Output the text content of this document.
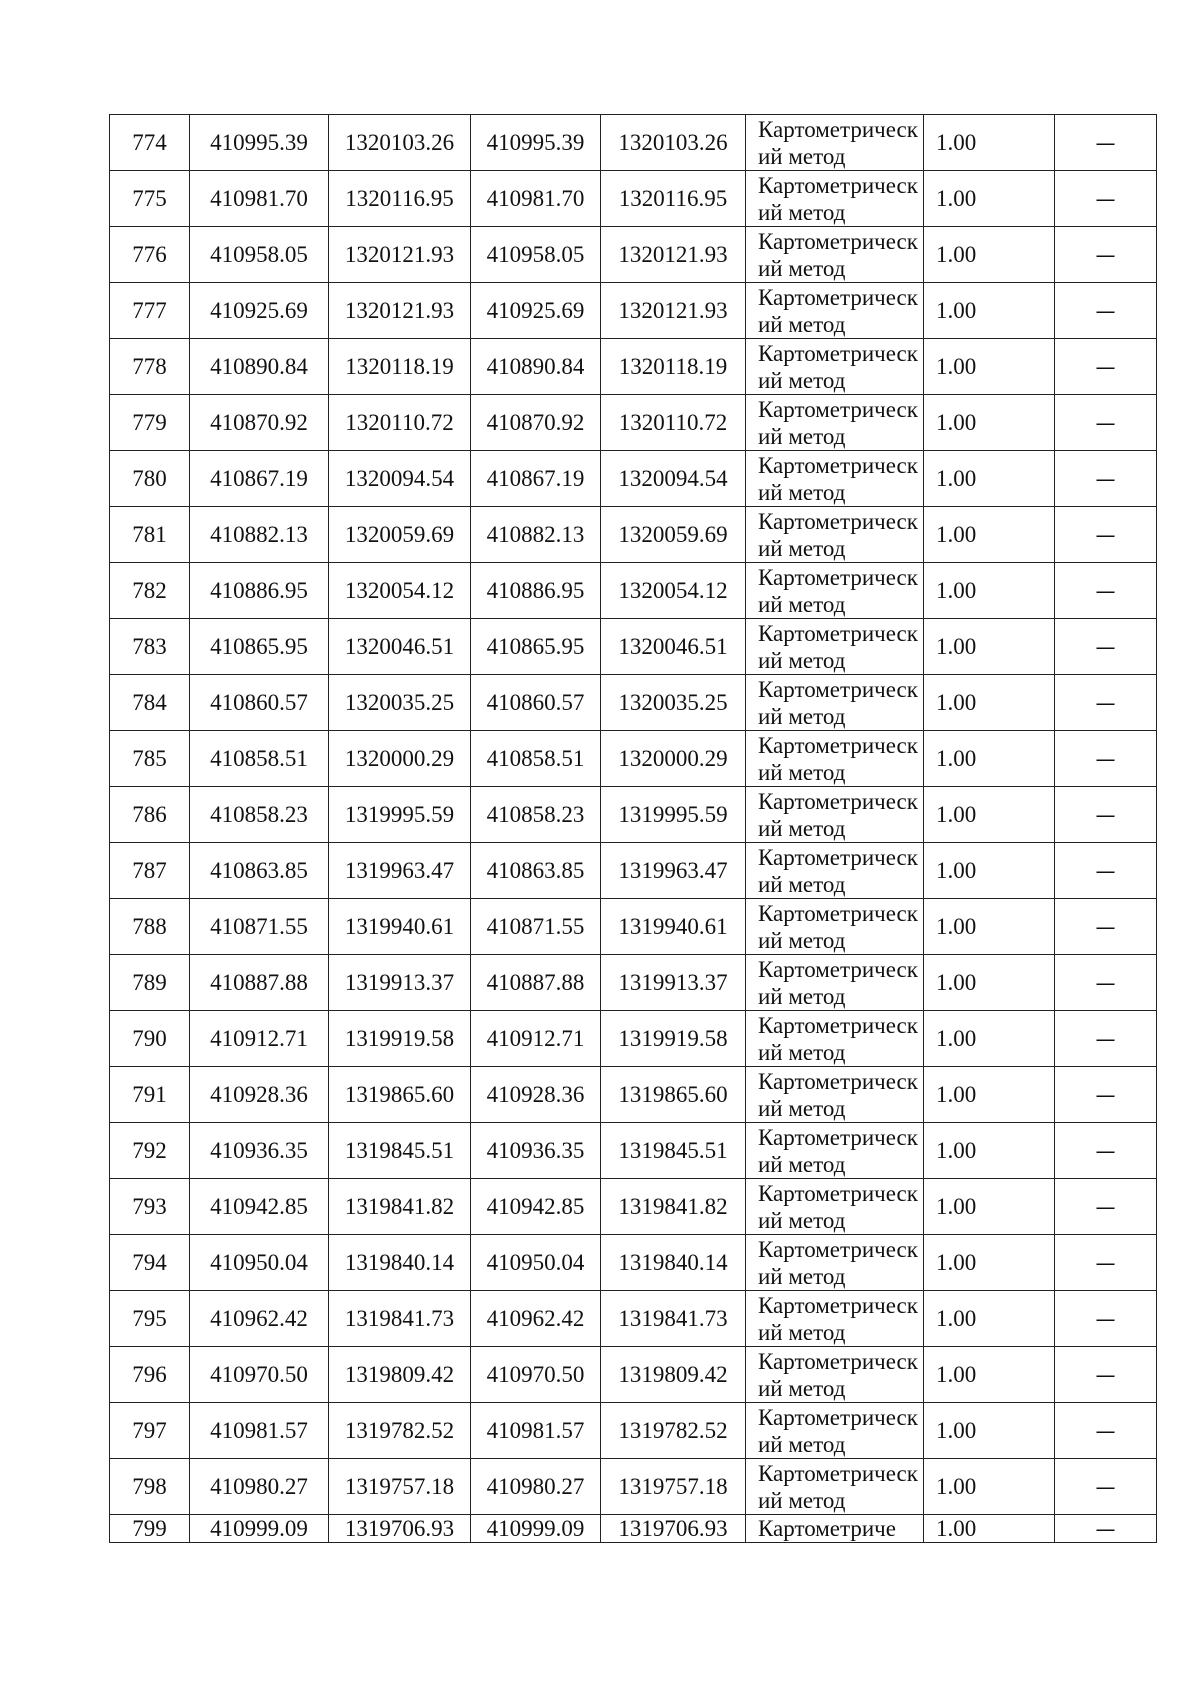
774	410995.39	1320103.26	410995.39	1320103.26	Картометрический метод	1.00	—
775	410981.70	1320116.95	410981.70	1320116.95	Картометрический метод	1.00	—
776	410958.05	1320121.93	410958.05	1320121.93	Картометрический метод	1.00	—
777	410925.69	1320121.93	410925.69	1320121.93	Картометрический метод	1.00	—
778	410890.84	1320118.19	410890.84	1320118.19	Картометрический метод	1.00	—
779	410870.92	1320110.72	410870.92	1320110.72	Картометрический метод	1.00	—
780	410867.19	1320094.54	410867.19	1320094.54	Картометрический метод	1.00	—
781	410882.13	1320059.69	410882.13	1320059.69	Картометрический метод	1.00	—
782	410886.95	1320054.12	410886.95	1320054.12	Картометрический метод	1.00	—
783	410865.95	1320046.51	410865.95	1320046.51	Картометрический метод	1.00	—
784	410860.57	1320035.25	410860.57	1320035.25	Картометрический метод	1.00	—
785	410858.51	1320000.29	410858.51	1320000.29	Картометрический метод	1.00	—
786	410858.23	1319995.59	410858.23	1319995.59	Картометрический метод	1.00	—
787	410863.85	1319963.47	410863.85	1319963.47	Картометрический метод	1.00	—
788	410871.55	1319940.61	410871.55	1319940.61	Картометрический метод	1.00	—
789	410887.88	1319913.37	410887.88	1319913.37	Картометрический метод	1.00	—
790	410912.71	1319919.58	410912.71	1319919.58	Картометрический метод	1.00	—
791	410928.36	1319865.60	410928.36	1319865.60	Картометрический метод	1.00	—
792	410936.35	1319845.51	410936.35	1319845.51	Картометрический метод	1.00	—
793	410942.85	1319841.82	410942.85	1319841.82	Картометрический метод	1.00	—
794	410950.04	1319840.14	410950.04	1319840.14	Картометрический метод	1.00	—
795	410962.42	1319841.73	410962.42	1319841.73	Картометрический метод	1.00	—
796	410970.50	1319809.42	410970.50	1319809.42	Картометрический метод	1.00	—
797	410981.57	1319782.52	410981.57	1319782.52	Картометрический метод	1.00	—
798	410980.27	1319757.18	410980.27	1319757.18	Картометрический метод	1.00	—
799	410999.09	1319706.93	410999.09	1319706.93	Картометриче	1.00	—
